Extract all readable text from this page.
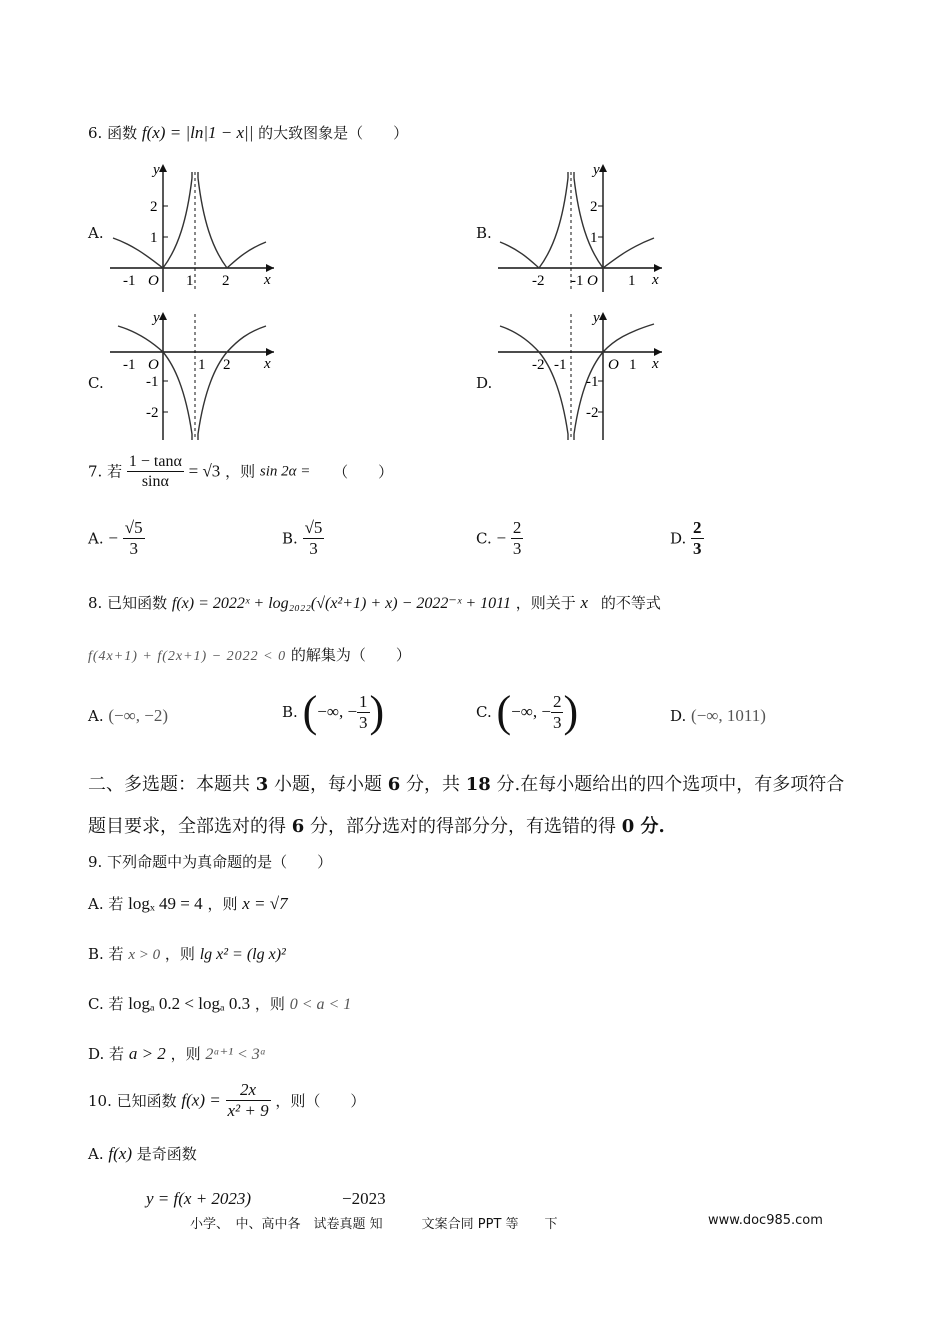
6. 函数 f(x) = |ln|1 − x|| 的大致图象是（　　）
A.	B.
C.	D.
y
x
-1 O 1 2
2
1
y
x
-2 -1 O 1
2
1
y
x
-1 O	1 2
-1
-2
y
x
-2 -1	O 1
-1
-2
7. 若 $\frac{1 - \tan\alpha}{\sin\alpha} = √3$ ，则 sin 2α = （　　）
A. − $\frac{√5}{3}$	B. $\frac{√5}{3}$	C. − $\frac{2}{3}$	D. $\frac{2}{3}$
8. 已知函数 f(x) = 2022ˣ + log₂₀₂₂(√(x²+1) + x) − 2022⁻ˣ + 1011 ，则关于 x 的不等式
f(4x+1) + f(2x+1) − 2022 < 0 的解集为（　　）
A. (−∞, −2)	B. (−∞, − $\frac{1}{3}$ )	C. (−∞, − $\frac{2}{3}$ )	D. (−∞, 1011)
二、多选题：本题共 3 小题，每小题 6 分，共 18 分.在每小题给出的四个选项中，有多项符合
题目要求，全部选对的得 6 分，部分选对的得部分分，有选错的得 0 分.
9. 下列命题中为真命题的是（　　）
A. 若 logₓ 49 = 4 ，则 x = √7
B. 若 x > 0 ，则 lg x² = (lg x)²
C. 若 logₐ 0.2 < logₐ 0.3 ，则 0 < a < 1
D. 若 a > 2 ，则 2ᵃ⁺¹ < 3ᵃ
10. 已知函数 $f(x) = \frac{2x}{\text{x² + 9}}$ ，则（　　）
A. f(x) 是奇函数
y = f(x + 2023)	−2023
小学、　中、高中各　试卷真题 知　　　文案合同 PPT 等　　下	www.doc985.com
